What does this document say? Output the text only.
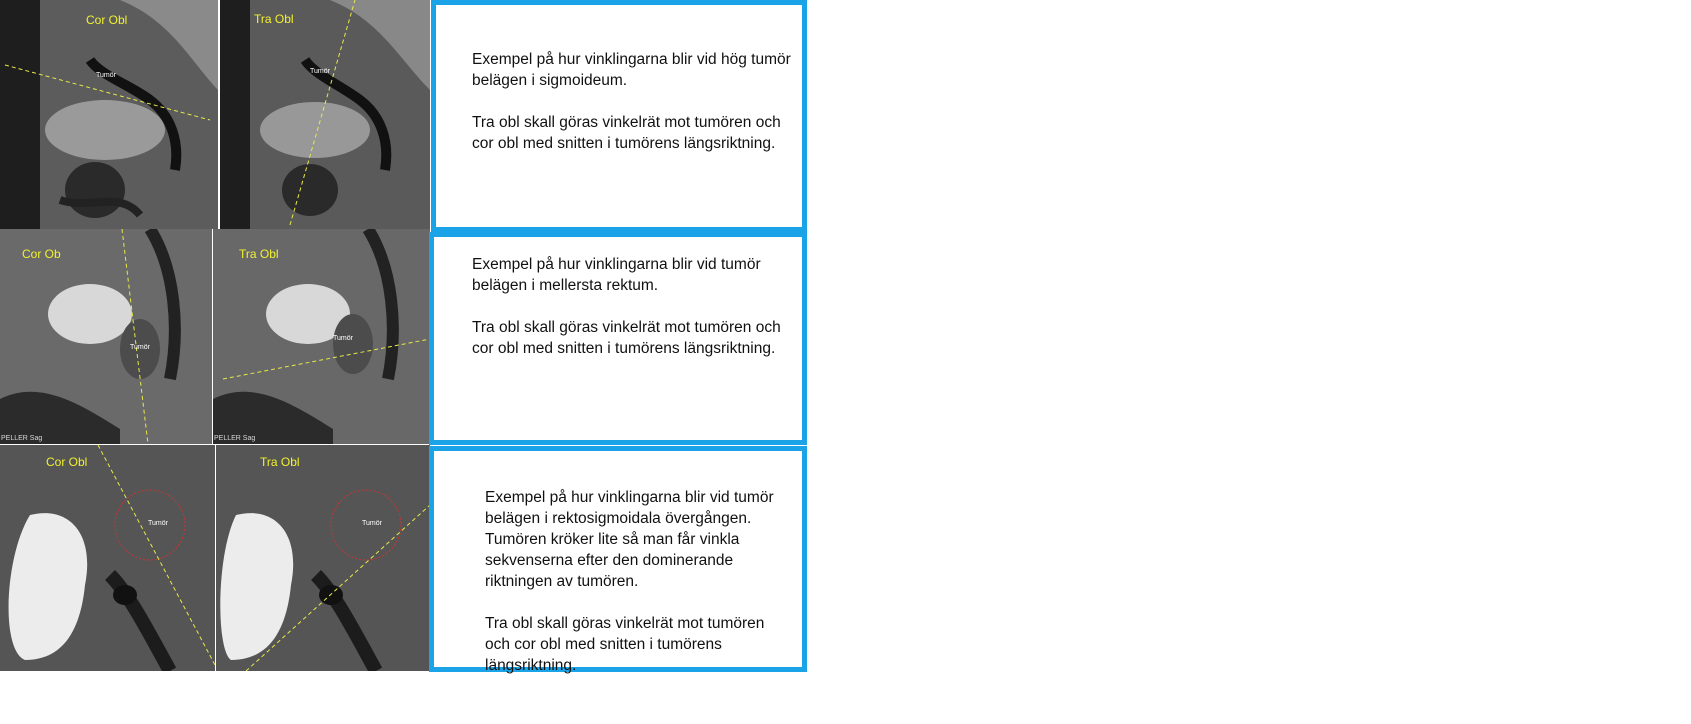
Cor Obl
Tumör
Tra Obl
Tumör

Exempel på hur vinklingarna blir vid hög tumör belägen i sigmoideum.

Tra obl skall göras vinkelrät mot tumören och cor obl med snitten i tumörens längsriktning.

Cor Ob
Tumör
PELLER Sag
Tra Obl
Tumör
PELLER Sag

Exempel på hur vinklingarna blir vid tumör belägen i mellersta rektum.

Tra obl skall göras vinkelrät mot tumören och cor obl med snitten i tumörens längsriktning.

Cor Obl
Tumör
Tra Obl
Tumör

Exempel på hur vinklingarna blir vid tumör belägen i rektosigmoidala övergången. Tumören kröker lite så man får vinkla sekvenserna efter den dominerande riktningen av tumören.

Tra obl skall göras vinkelrät mot tumören och cor obl med snitten i tumörens längsriktning.
